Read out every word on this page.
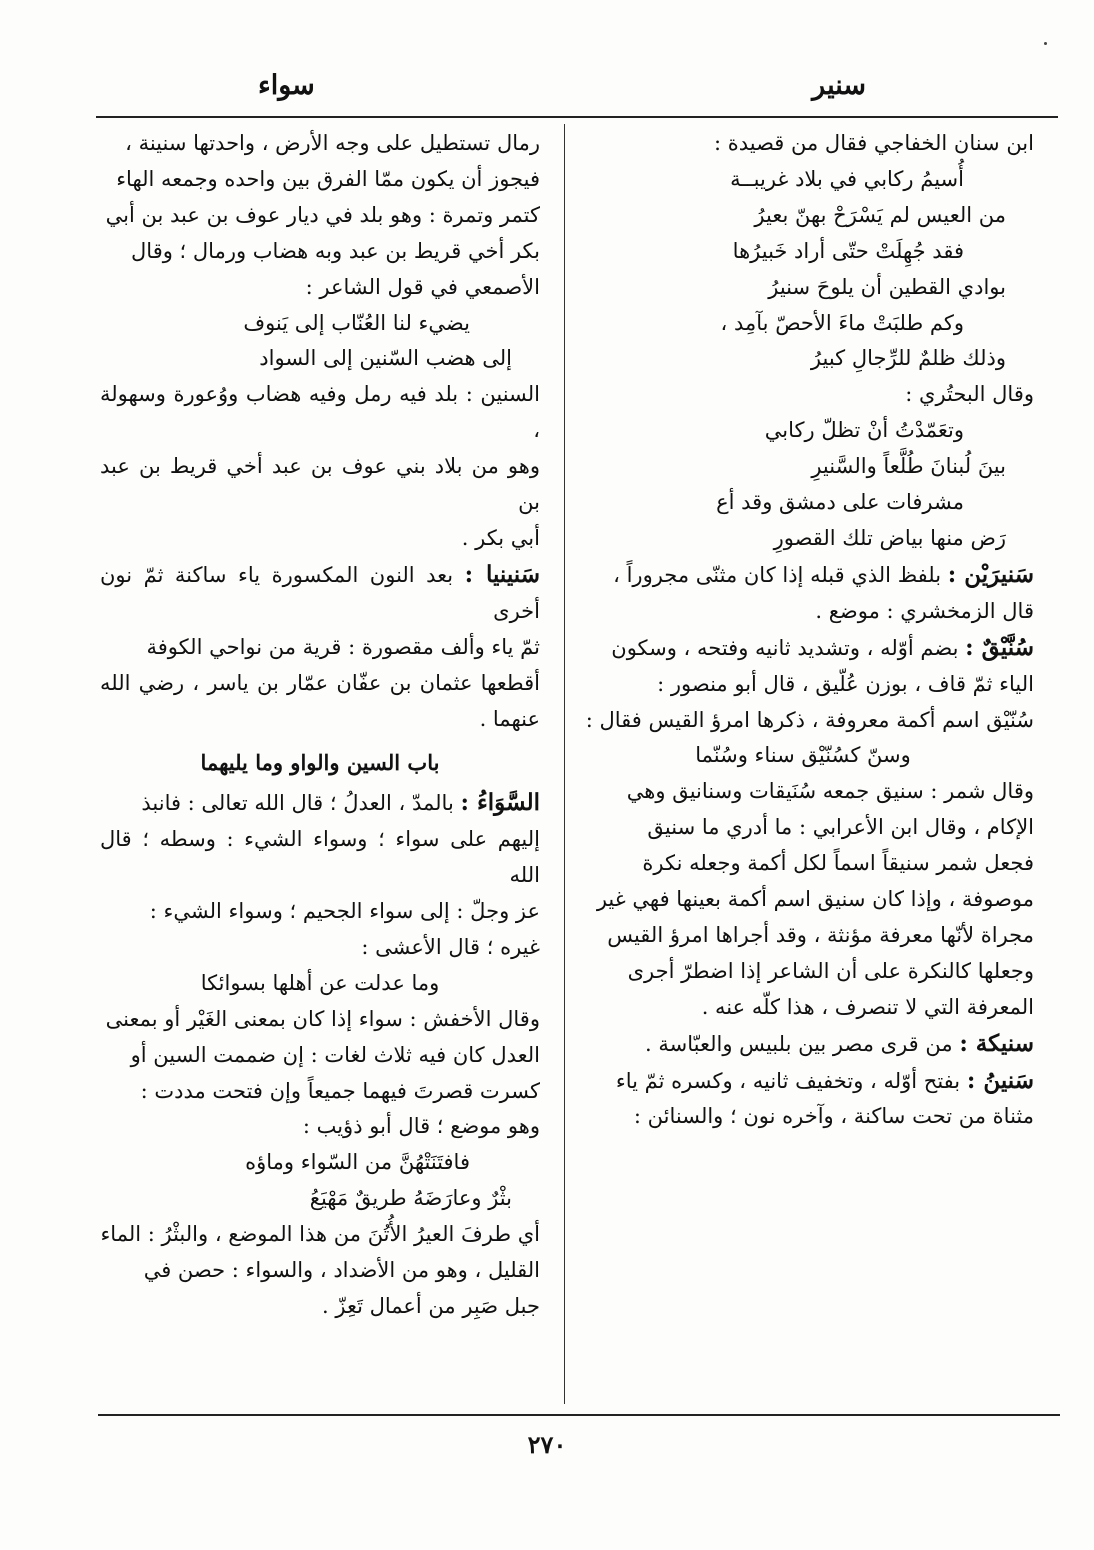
سنير
سواء

ابن سنان الخفاجي فقال من قصيدة :

أُسيمُ ركابي في بلاد غريبــة

من العيس لم يَسْرَحْ بهنّ بعيرُ

فقد جُهِلَتْ حتّى أراد خَبيرُها

بوادي القطين أن يلوحَ سنيرُ

وكم طلبَتْ ماءَ الأحصّ بآمِد ،

وذلك ظلمٌ للرِّجالِ كبيرُ

وقال البحتُري :

وتعَمّدْتُ أنْ تظلّ ركابي

بينَ لُبنانَ طُلَّعاً والسَّنيرِ

مشرفات على دمشق وقد أع

رَض منها بياض تلك القصورِ

سَنيرَيْن : بلفظ الذي قبله إذا كان مثنّى مجروراً ،

قال الزمخشري : موضع .

سُنَّيْقٌ : بضم أوّله ، وتشديد ثانيه وفتحه ، وسكون

الياء ثمّ قاف ، بوزن عُلّيق ، قال أبو منصور :

سُنّيْق اسم أكمة معروفة ، ذكرها امرؤ القيس فقال :

وسنّ كسُنّيْق سناء وسُنّما

وقال شمر : سنيق جمعه سُنَيقات وسنانيق وهي

الإكام ، وقال ابن الأعرابي : ما أدري ما سنيق

فجعل شمر سنيقاً اسماً لكل أكمة وجعله نكرة

موصوفة ، وإذا كان سنيق اسم أكمة بعينها فهي غير

مجراة لأنّها معرفة مؤنثة ، وقد أجراها امرؤ القيس

وجعلها كالنكرة على أن الشاعر إذا اضطرّ أجرى

المعرفة التي لا تنصرف ، هذا كلّه عنه .

سنيكة : من قرى مصر بين بلبيس والعبّاسة .

سَنينُ : بفتح أوّله ، وتخفيف ثانيه ، وكسره ثمّ ياء

مثناة من تحت ساكنة ، وآخره نون ؛ والسنائن :

رمال تستطيل على وجه الأرض ، واحدتها سنينة ،

فيجوز أن يكون ممّا الفرق بين واحده وجمعه الهاء

كتمر وتمرة : وهو بلد في ديار عوف بن عبد بن أبي

بكر أخي قريط بن عبد وبه هضاب ورمال ؛ وقال

الأصمعي في قول الشاعر :

يضيء لنا العُنّاب إلى يَنوف

إلى هضب السّنين إلى السواد

السنين : بلد فيه رمل وفيه هضاب ووُعورة وسهولة ،

وهو من بلاد بني عوف بن عبد أخي قريط بن عبد بن

أبي بكر .

سَنينيا : بعد النون المكسورة ياء ساكنة ثمّ نون أخرى

ثمّ ياء وألف مقصورة : قرية من نواحي الكوفة

أقطعها عثمان بن عفّان عمّار بن ياسر ، رضي الله عنهما .

باب السين والواو وما يليهما

السَّوَاءُ : بالمدّ ، العدلُ ؛ قال الله تعالى : فانبذ

إليهم على سواء ؛ وسواء الشيء : وسطه ؛ قال الله

عز وجلّ : إلى سواء الجحيم ؛ وسواء الشيء :

غيره ؛ قال الأعشى :

وما عدلت عن أهلها بسوائكا

وقال الأخفش : سواء إذا كان بمعنى الغَيْر أو بمعنى

العدل كان فيه ثلاث لغات : إن ضممت السين أو

كسرت قصرتَ فيهما جميعاً وإن فتحت مددت :

وهو موضع ؛ قال أبو ذؤيب :

فافتَنَتْهُنَّ من السّواء وماؤه

بثْرٌ وعارَضَهُ طريقٌ مَهْيَعُ

أي طرفَ العيرُ الأُتُنَ من هذا الموضع ، والبثْرُ : الماء

القليل ، وهو من الأضداد ، والسواء : حصن في

جبل صَبِر من أعمال تَعِزّ .

٢٧٠
